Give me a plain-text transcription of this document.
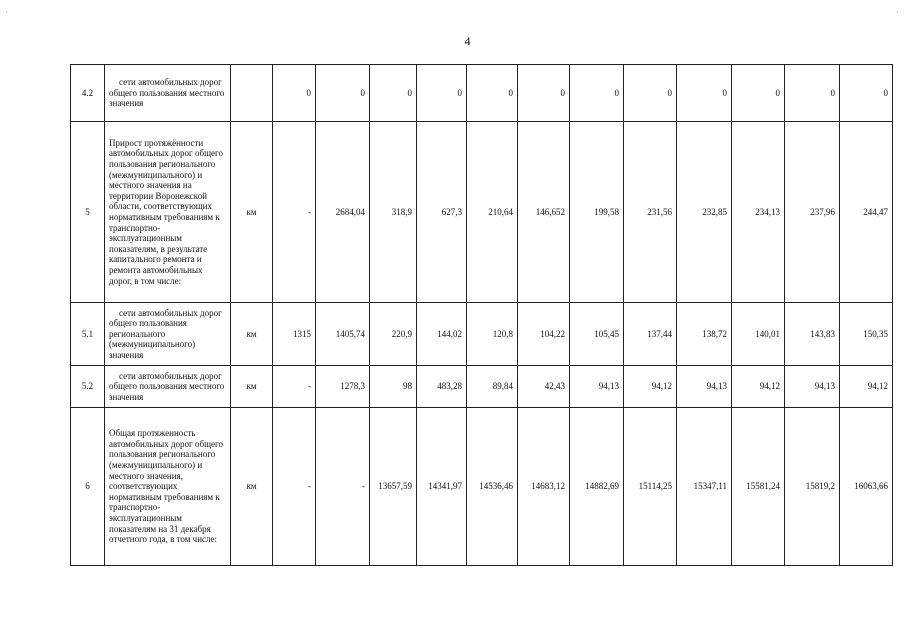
4
4.2	сети автомобильных дорог общего пользования местного значения		0	0	0	0	0	0	0	0	0	0	0	0
5	Прирост протяжённости автомобильных дорог общего пользования регионального (межмуниципального) и местного значения на территории Воронежской области, соответствующих нормативным требованиям к транспортно-эксплуатационным показателям, в результате капитального ремонта и ремонта автомобильных дорог, в том числе:	км	-	2684,04	318,9	627,3	210,64	146,652	199,58	231,56	232,85	234,13	237,96	244,47
5.1	сети автомобильных дорог общего пользования регионального (межмуниципального) значения	км	1315	1405,74	220,9	144,02	120,8	104,22	105,45	137,44	138,72	140,01	143,83	150,35
5.2	сети автомобильных дорог общего пользования местного значения	км	-	1278,3	98	483,28	89,84	42,43	94,13	94,12	94,13	94,12	94,13	94,12
6	Общая протяженность автомобильных дорог общего пользования регионального (межмуниципального) и местного значения, соответствующих нормативным требованиям к транспортно-эксплуатационным показателям на 31 декабря отчетного года, в том числе:	км	-	-	13657,59	14341,97	14536,46	14683,12	14882,69	15114,25	15347,11	15581,24	15819,2	16063,66
